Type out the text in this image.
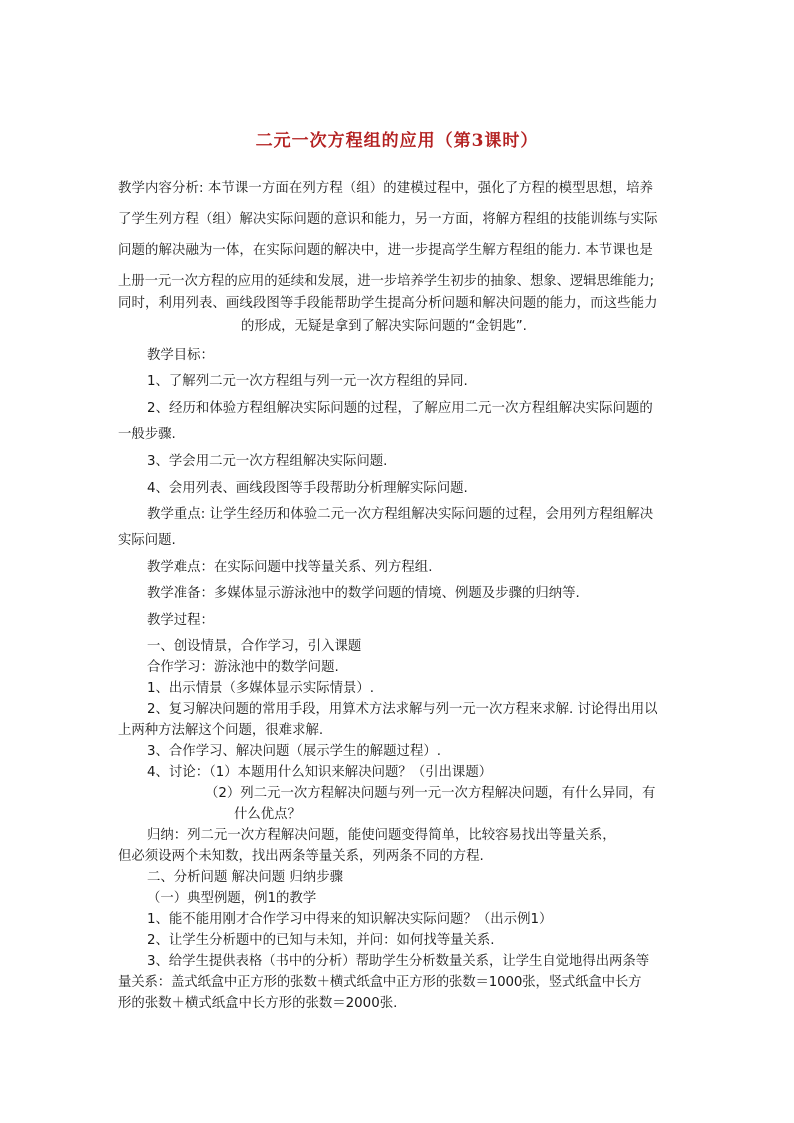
二元一次方程组的应用（第3课时）
教学内容分析: 本节课一方面在列方程（组）的建模过程中，强化了方程的模型思想，培养
了学生列方程（组）解决实际问题的意识和能力，另一方面，将解方程组的技能训练与实际
问题的解决融为一体，在实际问题的解决中，进一步提高学生解方程组的能力. 本节课也是
上册一元一次方程的应用的延续和发展，进一步培养学生初步的抽象、想象、逻辑思维能力;
同时，利用列表、画线段图等手段能帮助学生提高分析问题和解决问题的能力，而这些能力
的形成，无疑是拿到了解决实际问题的“金钥匙”.
教学目标：
1、了解列二元一次方程组与列一元一次方程组的异同.
2、经历和体验方程组解决实际问题的过程，了解应用二元一次方程组解决实际问题的
一般步骤.
3、学会用二元一次方程组解决实际问题.
4、会用列表、画线段图等手段帮助分析理解实际问题.
教学重点: 让学生经历和体验二元一次方程组解决实际问题的过程，会用列方程组解决
实际问题.
教学难点：在实际问题中找等量关系、列方程组.
教学准备：多媒体显示游泳池中的数学问题的情境、例题及步骤的归纳等.
教学过程：
一、创设情景，合作学习，引入课题
合作学习：游泳池中的数学问题.
1、出示情景（多媒体显示实际情景）.
2、复习解决问题的常用手段，用算术方法求解与列一元一次方程来求解. 讨论得出用以
上两种方法解这个问题，很难求解.
3、合作学习、解决问题（展示学生的解题过程）.
4、讨论：（1）本题用什么知识来解决问题？（引出课题）
（2）列二元一次方程解决问题与列一元一次方程解决问题，有什么异同，有
什么优点？
归纳：列二元一次方程解决问题，能使问题变得简单，比较容易找出等量关系，
但必须设两个未知数，找出两条等量关系，列两条不同的方程.
二、分析问题 解决问题 归纳步骤
（一）典型例题，例1的教学
1、能不能用刚才合作学习中得来的知识解决实际问题？（出示例1）
2、让学生分析题中的已知与未知，并问：如何找等量关系.
3、给学生提供表格（书中的分析）帮助学生分析数量关系，让学生自觉地得出两条等
量关系：盖式纸盒中正方形的张数＋横式纸盒中正方形的张数＝1000张，竖式纸盒中长方
形的张数＋横式纸盒中长方形的张数＝2000张.
